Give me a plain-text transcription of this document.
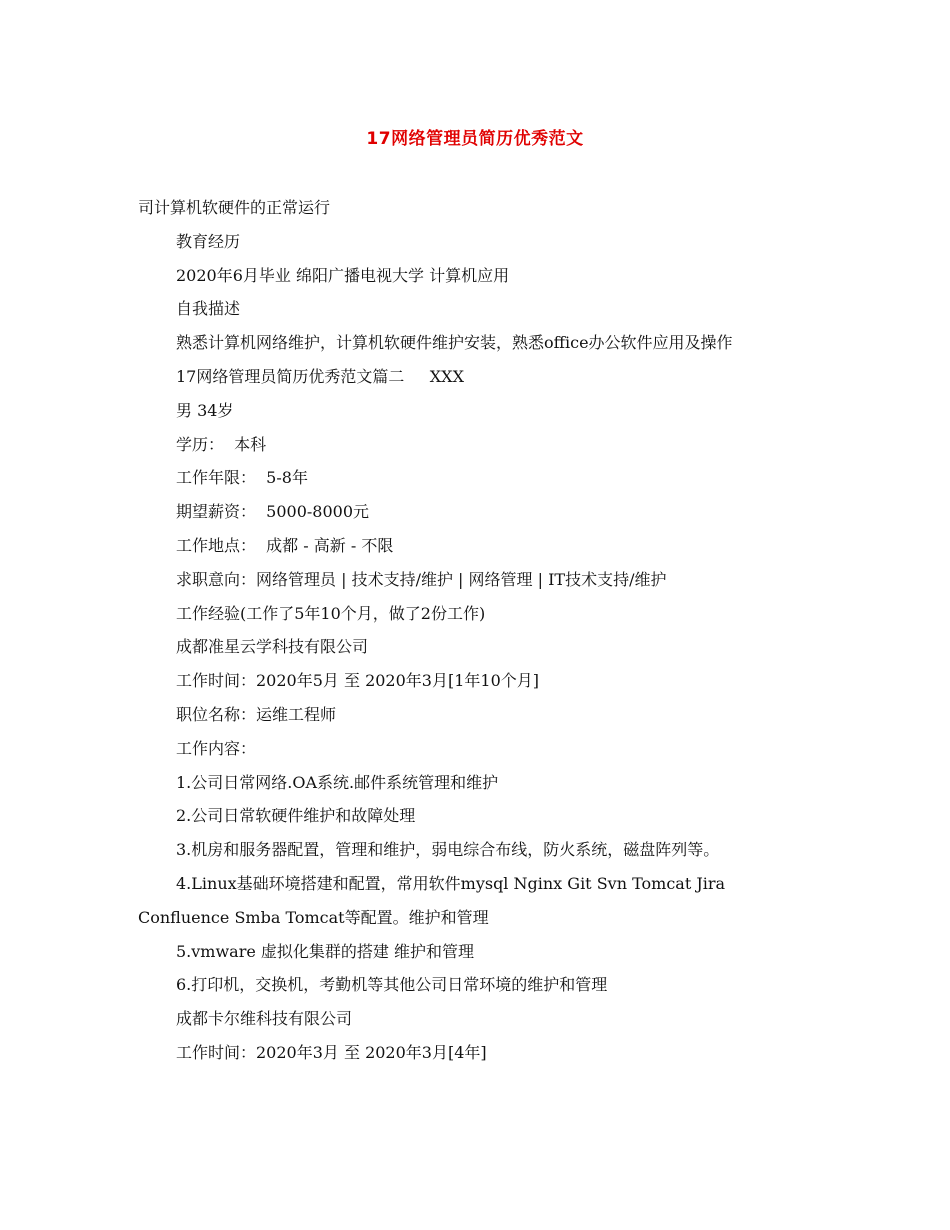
17网络管理员简历优秀范文

司计算机软硬件的正常运行

教育经历

2020年6月毕业 绵阳广播电视大学 计算机应用

自我描述

熟悉计算机网络维护，计算机软硬件维护安装，熟悉office办公软件应用及操作

17网络管理员简历优秀范文篇二     XXX

男 34岁

学历：  本科

工作年限：  5-8年

期望薪资：  5000-8000元

工作地点：  成都 - 高新 - 不限

求职意向：网络管理员 | 技术支持/维护 | 网络管理 | IT技术支持/维护

工作经验(工作了5年10个月，做了2份工作)

成都准星云学科技有限公司

工作时间：2020年5月 至 2020年3月[1年10个月]

职位名称：运维工程师

工作内容：

1.公司日常网络.OA系统.邮件系统管理和维护

2.公司日常软硬件维护和故障处理

3.机房和服务器配置，管理和维护，弱电综合布线，防火系统，磁盘阵列等。

4.Linux基础环境搭建和配置，常用软件mysql Nginx Git Svn Tomcat Jira Confluence Smba Tomcat等配置。维护和管理

5.vmware 虚拟化集群的搭建 维护和管理

6.打印机，交换机，考勤机等其他公司日常环境的维护和管理

成都卡尔维科技有限公司

工作时间：2020年3月 至 2020年3月[4年]
